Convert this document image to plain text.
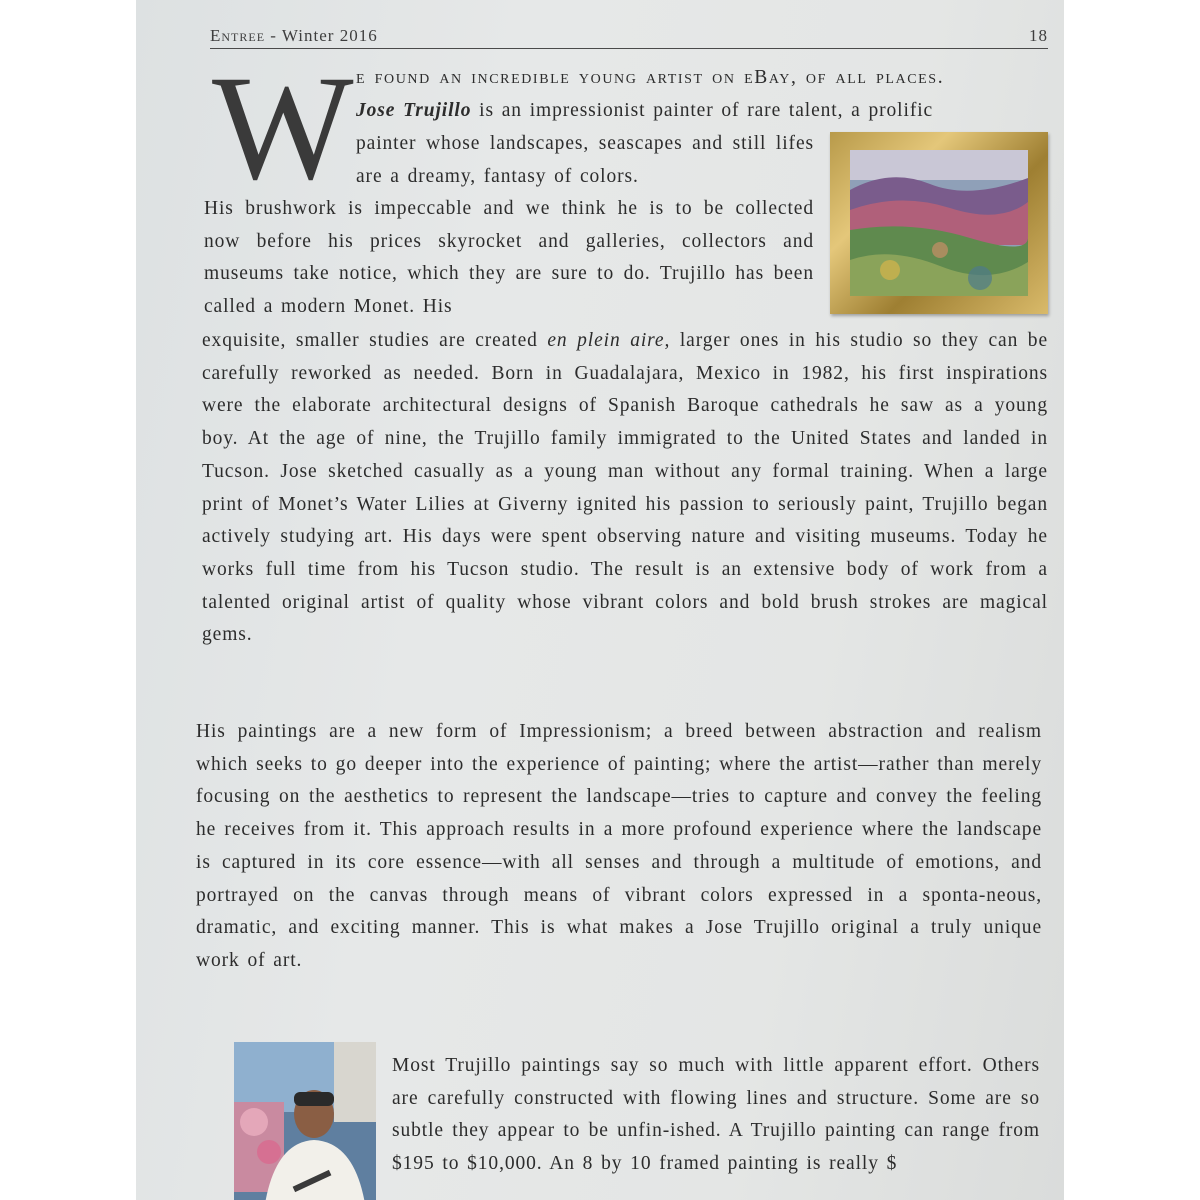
Entree - Winter 2016	18
W e found an incredible young artist on eBay, of all places.
Jose Trujillo is an impressionist painter of rare talent, a prolific
painter whose landscapes, seascapes and still lifes are a dreamy, fantasy of colors.
His brushwork is impeccable and we think he is to be collected now before his prices skyrocket and galleries, collectors and museums take notice, which they are sure to do. Trujillo has been called a modern Monet. His
exquisite, smaller studies are created en plein aire, larger ones in his studio so they can be carefully reworked as needed. Born in Guadalajara, Mexico in 1982, his first inspirations were the elaborate architectural designs of Spanish Baroque cathedrals he saw as a young boy. At the age of nine, the Trujillo family immigrated to the United States and landed in Tucson. Jose sketched casually as a young man without any formal training. When a large print of Monet’s Water Lilies at Giverny ignited his passion to seriously paint, Trujillo began actively studying art. His days were spent observing nature and visiting museums. Today he works full time from his Tucson studio. The result is an extensive body of work from a talented original artist of quality whose vibrant colors and bold brush strokes are magical gems.
His paintings are a new form of Impressionism; a breed between abstraction and realism which seeks to go deeper into the experience of painting; where the artist—rather than merely focusing on the aesthetics to represent the landscape—tries to capture and convey the feeling he receives from it. This approach results in a more profound experience where the landscape is captured in its core essence—with all senses and through a multitude of emotions, and portrayed on the canvas through means of vibrant colors expressed in a sponta-neous, dramatic, and exciting manner. This is what makes a Jose Trujillo original a truly unique work of art.
Most Trujillo paintings say so much with little apparent effort. Others are carefully constructed with flowing lines and structure. Some are so subtle they appear to be unfin-ished. A Trujillo painting can range from $195 to $10,000. An 8 by 10 framed painting is really $
